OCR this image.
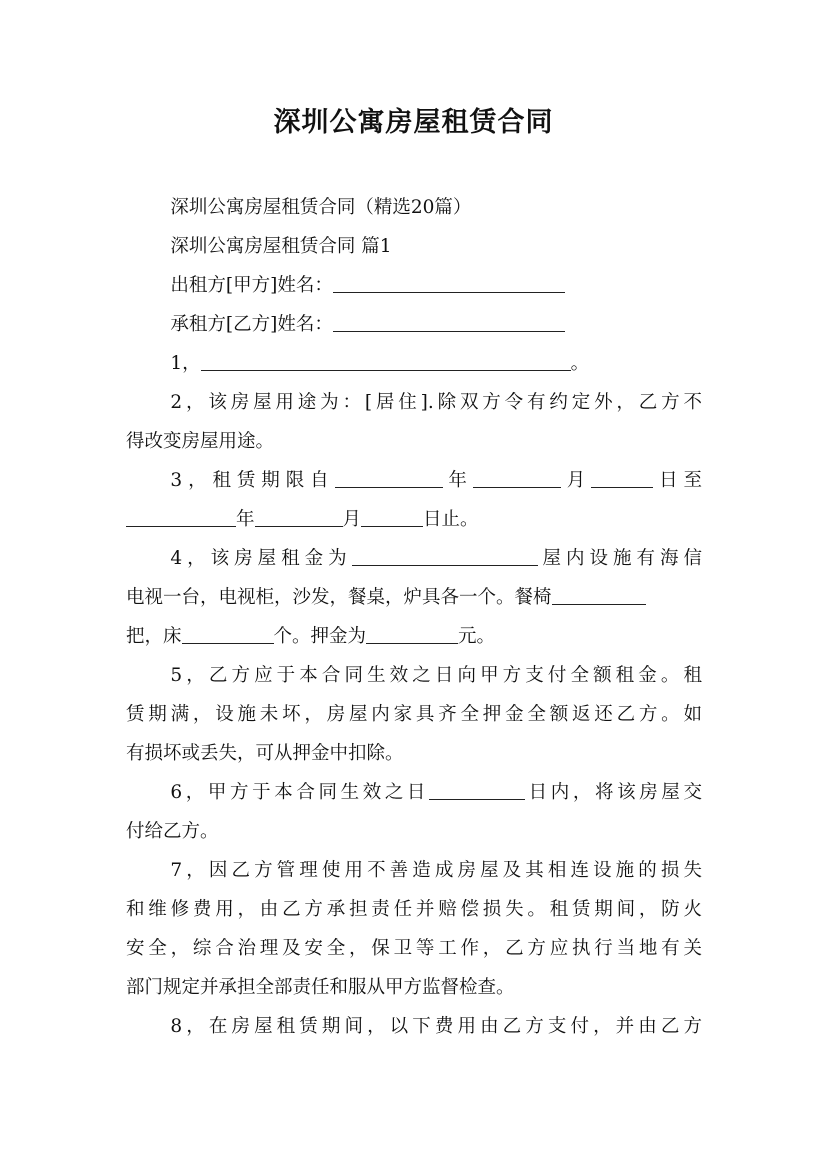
深圳公寓房屋租赁合同

深圳公寓房屋租赁合同（精选20篇）

深圳公寓房屋租赁合同 篇1

出租方[甲方]姓名：

承租方[乙方]姓名：

1，	。

2，该房屋用途为：[居住].除双方令有约定外，乙方不

得改变房屋用途。

3，租赁期限自	年	月	日至

年	月	日止。

4，该房屋租金为	屋内设施有海信

电视一台，电视柜，沙发，餐桌，炉具各一个。餐椅

把，床	个。押金为	元。

5，乙方应于本合同生效之日向甲方支付全额租金。租

赁期满，设施未坏，房屋内家具齐全押金全额返还乙方。如

有损坏或丢失，可从押金中扣除。

6，甲方于本合同生效之日	日内，将该房屋交

付给乙方。

7，因乙方管理使用不善造成房屋及其相连设施的损失

和维修费用，由乙方承担责任并赔偿损失。租赁期间，防火

安全，综合治理及安全，保卫等工作，乙方应执行当地有关

部门规定并承担全部责任和服从甲方监督检查。

8，在房屋租赁期间，以下费用由乙方支付，并由乙方
